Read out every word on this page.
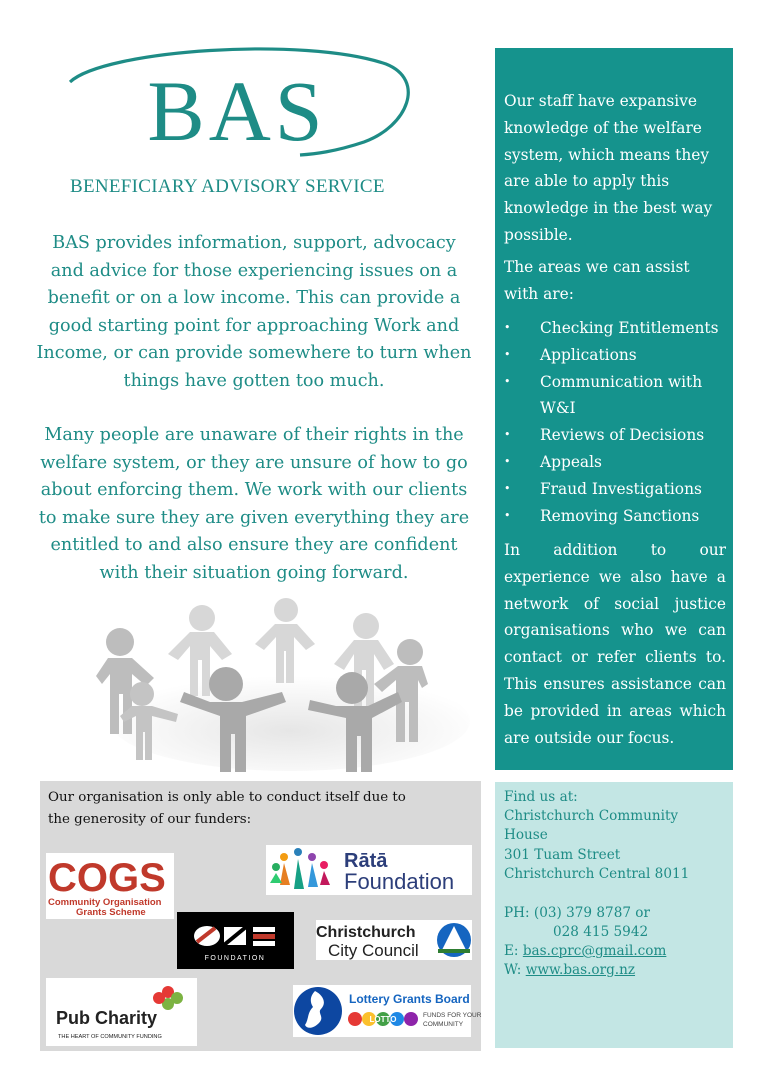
BAS
BENEFICIARY ADVISORY SERVICE

BAS provides information, support, advocacy and advice for those experiencing issues on a benefit or on a low income. This can provide a good starting point for approaching Work and Income, or can provide somewhere to turn when things have gotten too much.

Many people are unaware of their rights in the welfare system, or they are unsure of how to go about enforcing them. We work with our clients to make sure they are given everything they are entitled to and also ensure they are confident with their situation going forward.

Our staff have expansive knowledge of the welfare system, which means they are able to apply this knowledge in the best way possible.

The areas we can assist with are:

• Checking Entitlements
• Applications
• Communication with W&I
• Reviews of Decisions
• Appeals
• Fraud Investigations
• Removing Sanctions

In addition to our experience we also have a network of social justice organisations who we can contact or refer clients to. This ensures assistance can be provided in areas which are outside our focus.

Our organisation is only able to conduct itself due to the generosity of our funders:

COGS
Community Organisation
Grants Scheme
Rātā
Foundation
FOUNDATION
Christchurch
City Council
Pub Charity
THE HEART OF COMMUNITY FUNDING
Lottery Grants Board
LOTTO	FUNDS FOR YOUR
COMMUNITY
Find us at:
Christchurch Community
House
301 Tuam Street
Christchurch Central 8011
PH: (03) 379 8787 or
028 415 5942
E: bas.cprc@gmail.com
W: www.bas.org.nz
